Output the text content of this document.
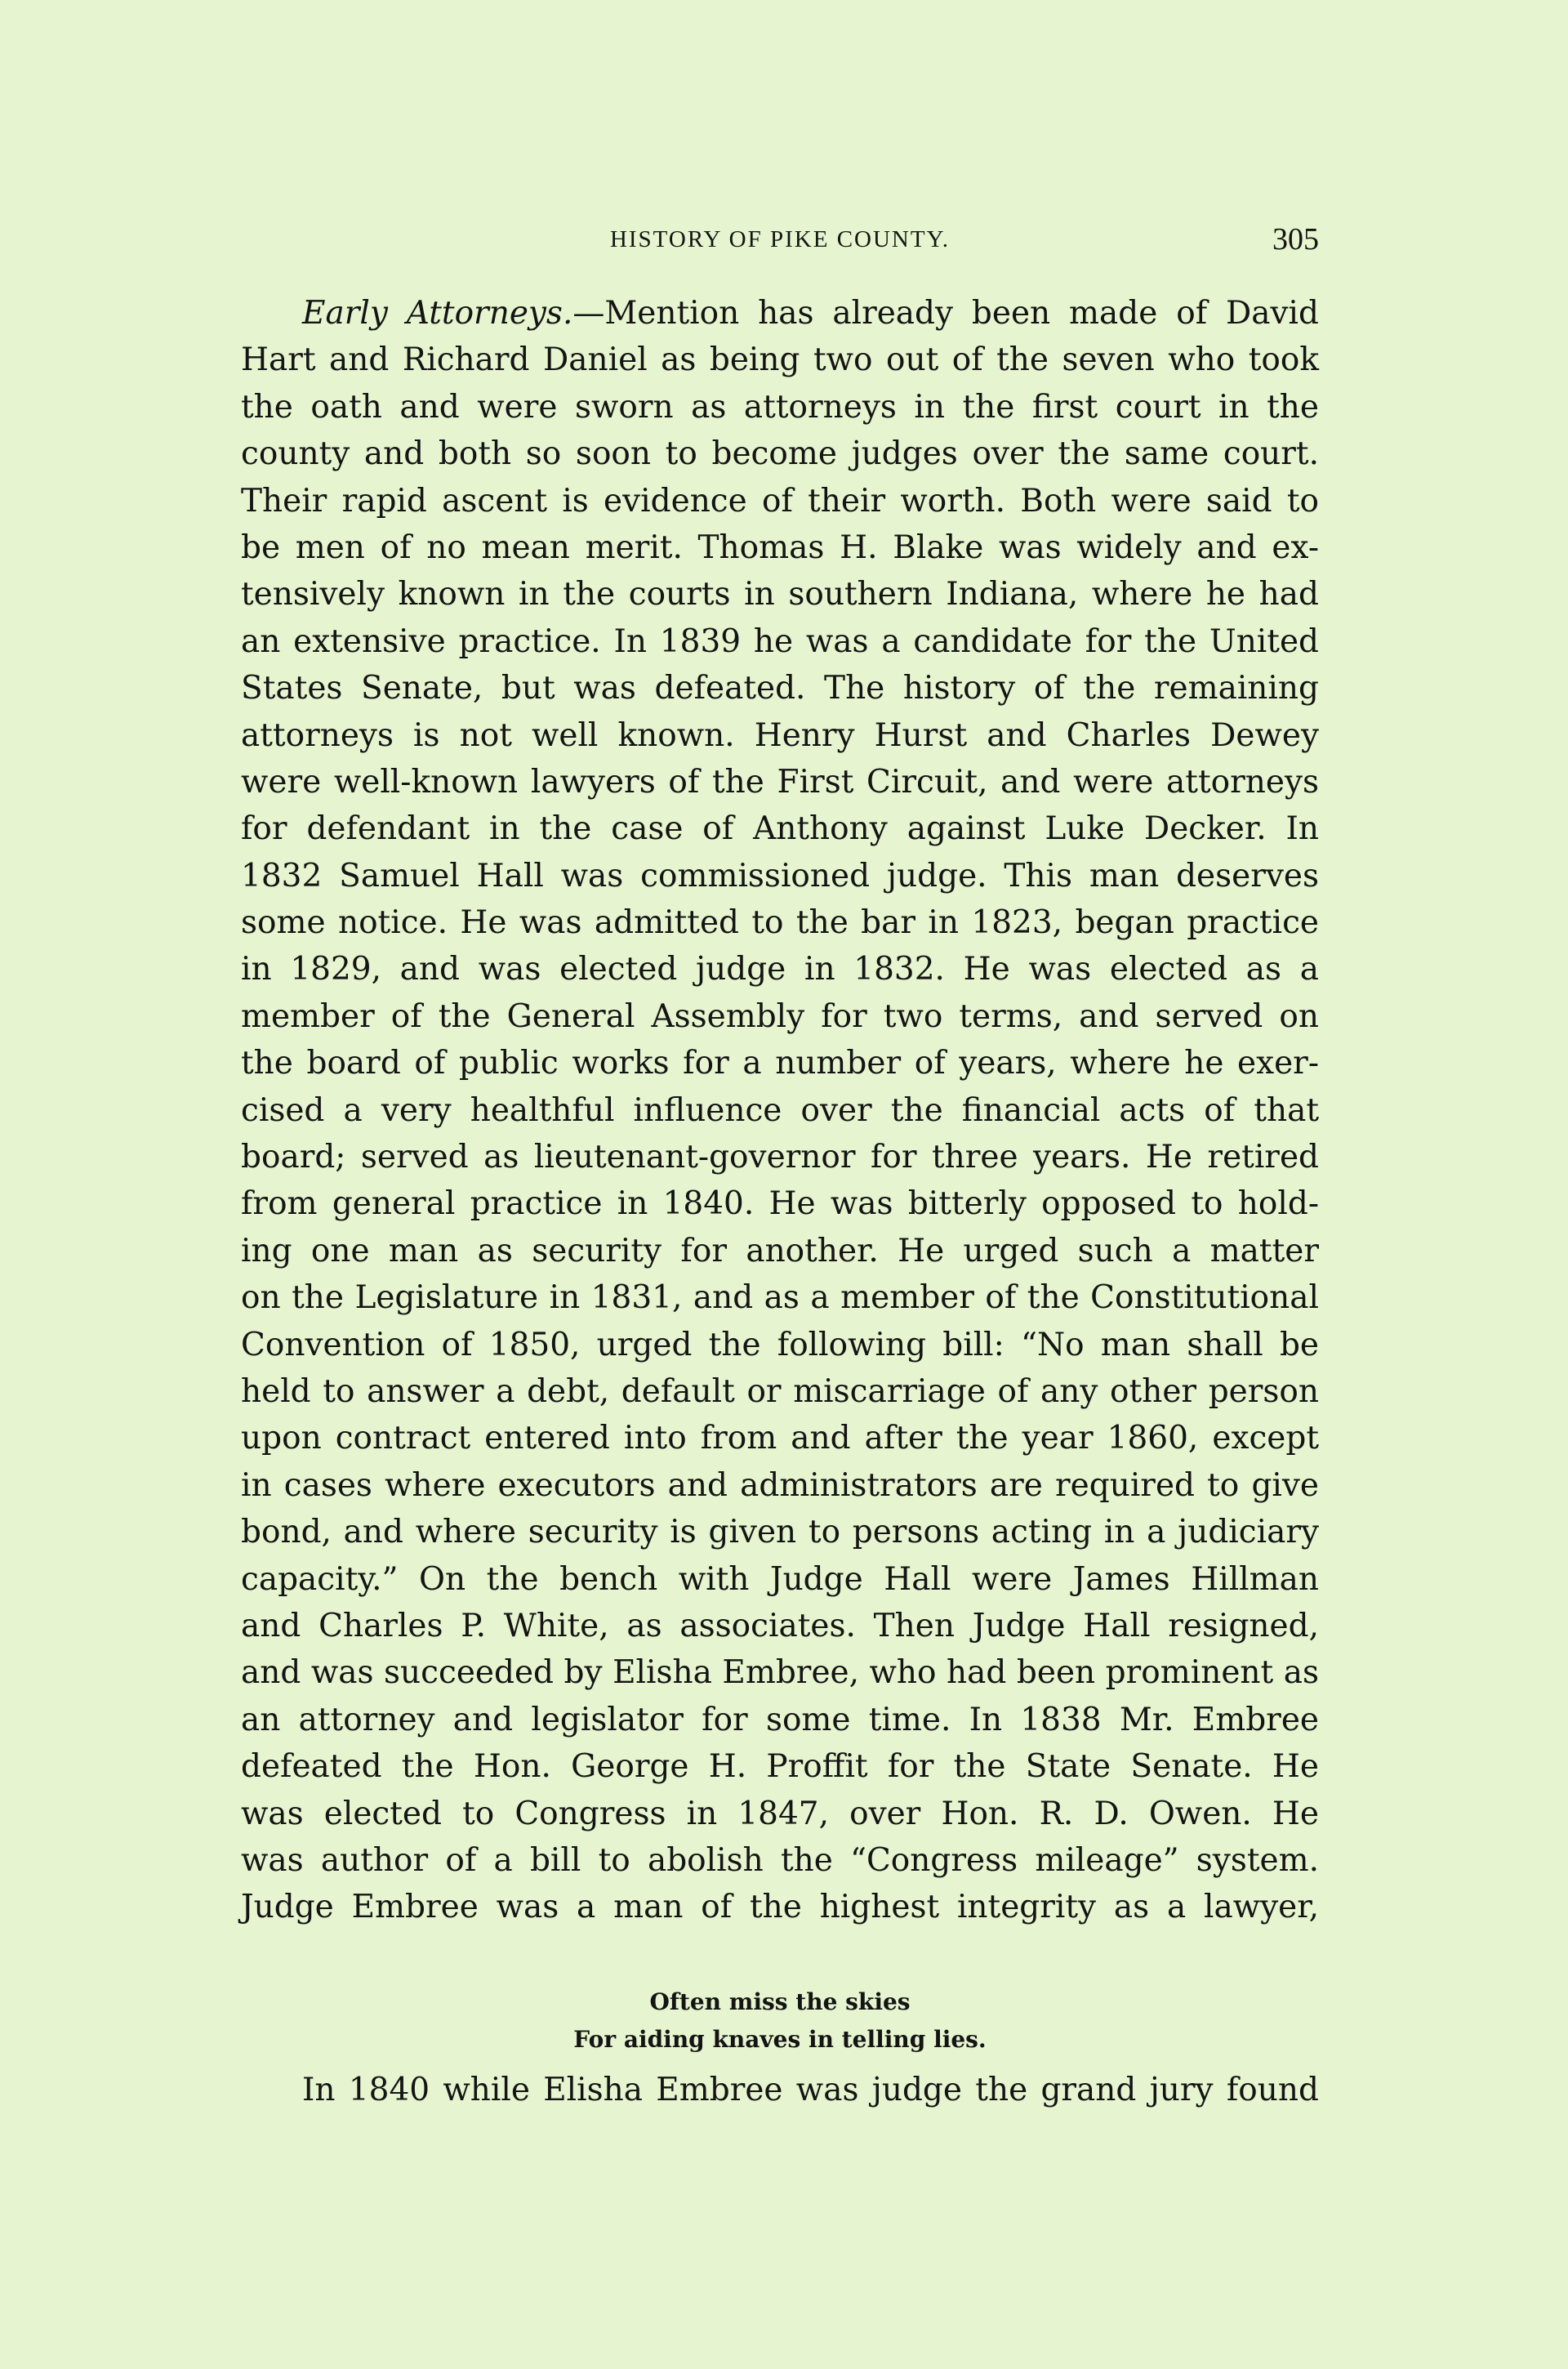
HISTORY OF PIKE COUNTY.	305
Early Attorneys.—Mention has already been made of David
Hart and Richard Daniel as being two out of the seven who took
the oath and were sworn as attorneys in the first court in the
county and both so soon to become judges over the same court.
Their rapid ascent is evidence of their worth. Both were said to
be men of no mean merit. Thomas H. Blake was widely and ex-
tensively known in the courts in southern Indiana, where he had
an extensive practice. In 1839 he was a candidate for the United
States Senate, but was defeated. The history of the remaining
attorneys is not well known. Henry Hurst and Charles Dewey
were well-known lawyers of the First Circuit, and were attorneys
for defendant in the case of Anthony against Luke Decker. In
1832 Samuel Hall was commissioned judge. This man deserves
some notice. He was admitted to the bar in 1823, began practice
in 1829, and was elected judge in 1832. He was elected as a
member of the General Assembly for two terms, and served on
the board of public works for a number of years, where he exer-
cised a very healthful influence over the financial acts of that
board; served as lieutenant-governor for three years. He retired
from general practice in 1840. He was bitterly opposed to hold-
ing one man as security for another. He urged such a matter
on the Legislature in 1831, and as a member of the Constitutional
Convention of 1850, urged the following bill: “No man shall be
held to answer a debt, default or miscarriage of any other person
upon contract entered into from and after the year 1860, except
in cases where executors and administrators are required to give
bond, and where security is given to persons acting in a judiciary
capacity.” On the bench with Judge Hall were James Hillman
and Charles P. White, as associates. Then Judge Hall resigned,
and was succeeded by Elisha Embree, who had been prominent as
an attorney and legislator for some time. In 1838 Mr. Embree
defeated the Hon. George H. Proffit for the State Senate. He
was elected to Congress in 1847, over Hon. R. D. Owen. He
was author of a bill to abolish the “Congress mileage” system.
Judge Embree was a man of the highest integrity as a lawyer,
Often miss the skies
For aiding knaves in telling lies.
In 1840 while Elisha Embree was judge the grand jury found
